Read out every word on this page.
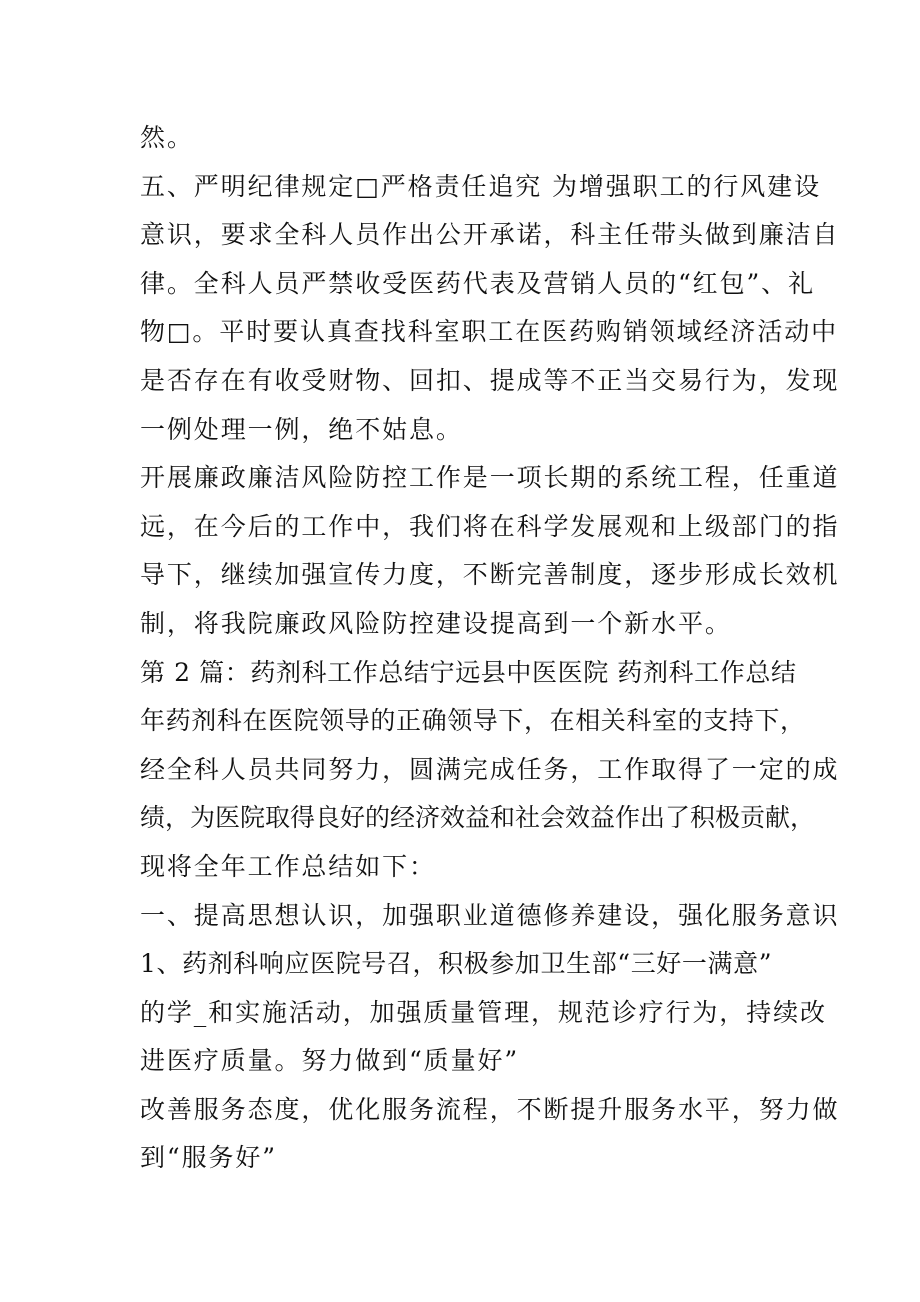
然。
五、严明纪律规定□严格责任追究 为增强职工的行风建设
意识，要求全科人员作出公开承诺，科主任带头做到廉洁自
律。全科人员严禁收受医药代表及营销人员的“红包”、礼
物□。平时要认真查找科室职工在医药购销领域经济活动中
是否存在有收受财物、回扣、提成等不正当交易行为，发现
一例处理一例，绝不姑息。
开展廉政廉洁风险防控工作是一项长期的系统工程，任重道
远，在今后的工作中，我们将在科学发展观和上级部门的指
导下，继续加强宣传力度，不断完善制度，逐步形成长效机
制，将我院廉政风险防控建设提高到一个新水平。
第 2 篇：药剂科工作总结宁远县中医医院 药剂科工作总结
年药剂科在医院领导的正确领导下，在相关科室的支持下，
经全科人员共同努力，圆满完成任务，工作取得了一定的成
绩，为医院取得良好的经济效益和社会效益作出了积极贡献，
现将全年工作总结如下：
一、提高思想认识，加强职业道德修养建设，强化服务意识
1、药剂科响应医院号召，积极参加卫生部“三好一满意”
的学_和实施活动，加强质量管理，规范诊疗行为，持续改
进医疗质量。努力做到“质量好”
改善服务态度，优化服务流程，不断提升服务水平，努力做
到“服务好”
